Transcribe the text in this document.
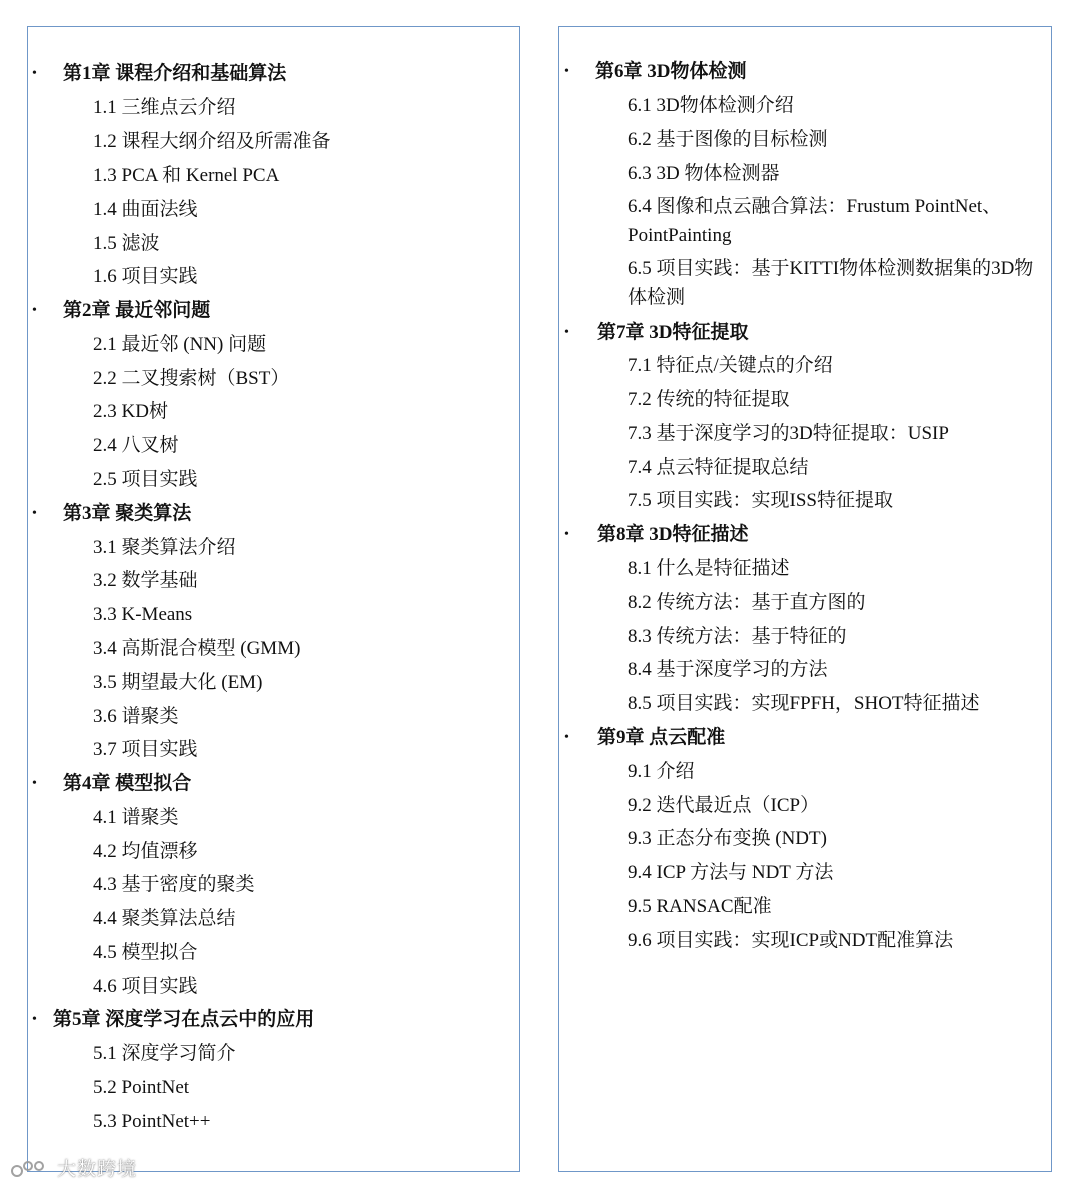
• 第1章 课程介绍和基础算法
1.1 三维点云介绍
1.2 课程大纲介绍及所需准备
1.3 PCA 和 Kernel PCA
1.4 曲面法线
1.5 滤波
1.6 项目实践
• 第2章 最近邻问题
2.1 最近邻 (NN) 问题
2.2 二叉搜索树（BST）
2.3 KD树
2.4 八叉树
2.5 项目实践
• 第3章 聚类算法
3.1 聚类算法介绍
3.2 数学基础
3.3 K-Means
3.4 高斯混合模型 (GMM)
3.5 期望最大化 (EM)
3.6 谱聚类
3.7 项目实践
• 第4章 模型拟合
4.1 谱聚类
4.2 均值漂移
4.3 基于密度的聚类
4.4 聚类算法总结
4.5 模型拟合
4.6 项目实践
• 第5章 深度学习在点云中的应用
5.1 深度学习简介
5.2 PointNet
5.3 PointNet++
• 第6章 3D物体检测
6.1 3D物体检测介绍
6.2 基于图像的目标检测
6.3 3D 物体检测器
6.4 图像和点云融合算法：Frustum PointNet、PointPainting
6.5 项目实践：基于KITTI物体检测数据集的3D物体检测
• 第7章 3D特征提取
7.1 特征点/关键点的介绍
7.2 传统的特征提取
7.3 基于深度学习的3D特征提取：USIP
7.4 点云特征提取总结
7.5 项目实践：实现ISS特征提取
• 第8章 3D特征描述
8.1 什么是特征描述
8.2 传统方法：基于直方图的
8.3 传统方法：基于特征的
8.4 基于深度学习的方法
8.5 项目实践：实现FPFH，SHOT特征描述
• 第9章 点云配准
9.1 介绍
9.2 迭代最近点（ICP）
9.3 正态分布变换 (NDT)
9.4 ICP 方法与 NDT 方法
9.5 RANSAC配准
9.6 项目实践：实现ICP或NDT配准算法
大数跨境
